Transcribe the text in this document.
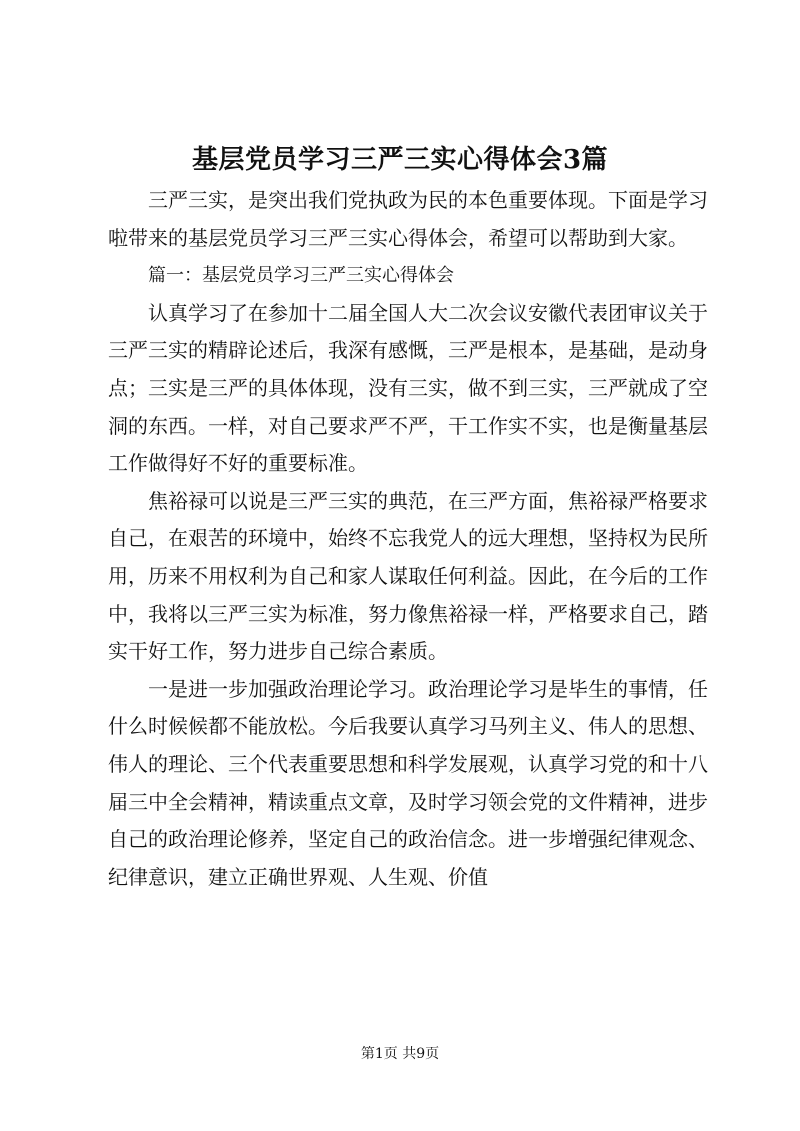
基层党员学习三严三实心得体会3篇

三严三实，是突出我们党执政为民的本色重要体现。下面是学习啦带来的基层党员学习三严三实心得体会，希望可以帮助到大家。

篇一：基层党员学习三严三实心得体会

认真学习了在参加十二届全国人大二次会议安徽代表团审议关于三严三实的精辟论述后，我深有感慨，三严是根本，是基础，是动身点；三实是三严的具体体现，没有三实，做不到三实，三严就成了空洞的东西。一样，对自己要求严不严，干工作实不实，也是衡量基层工作做得好不好的重要标准。

焦裕禄可以说是三严三实的典范，在三严方面，焦裕禄严格要求自己，在艰苦的环境中，始终不忘我党人的远大理想，坚持权为民所用，历来不用权利为自己和家人谋取任何利益。因此，在今后的工作中，我将以三严三实为标准，努力像焦裕禄一样，严格要求自己，踏实干好工作，努力进步自己综合素质。

一是进一步加强政治理论学习。政治理论学习是毕生的事情，任什么时候候都不能放松。今后我要认真学习马列主义、伟人的思想、伟人的理论、三个代表重要思想和科学发展观，认真学习党的和十八届三中全会精神，精读重点文章，及时学习领会党的文件精神，进步自己的政治理论修养，坚定自己的政治信念。进一步增强纪律观念、纪律意识，建立正确世界观、人生观、价值

第1页 共9页
